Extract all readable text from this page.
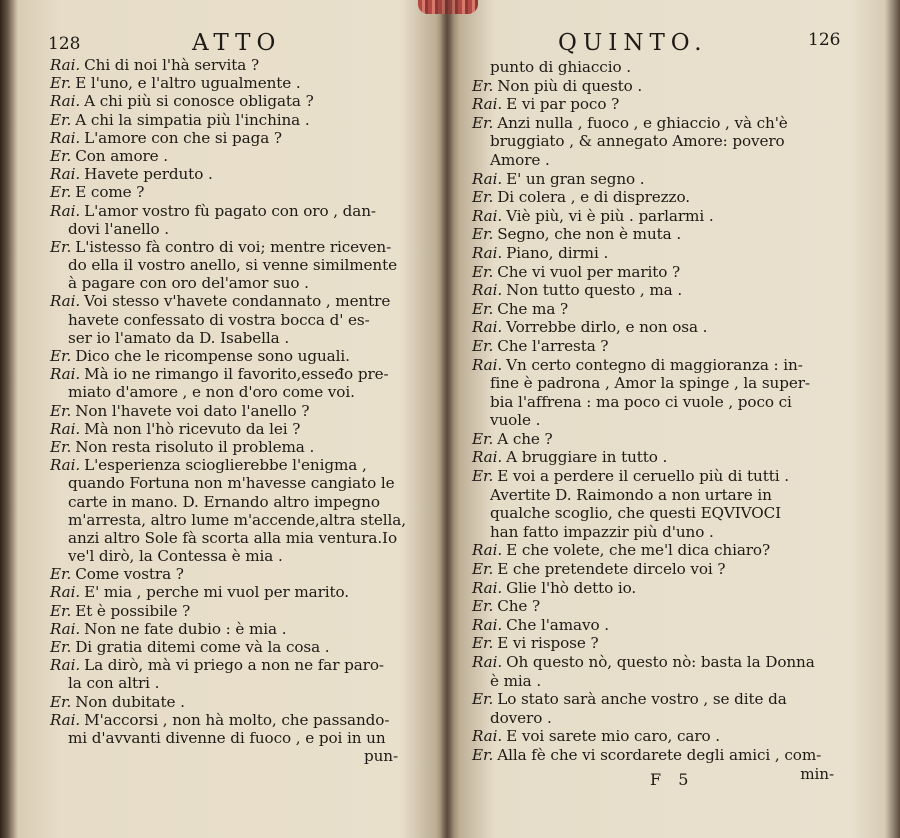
128	ATTO
Rai. Chi di noi l'hà servita ?
Er. E l'uno, e l'altro ugualmente .
Rai. A chi più si conosce obligata ?
Er. A chi la simpatia più l'inchina .
Rai. L'amore con che si paga ?
Er. Con amore .
Rai. Havete perduto .
Er. E come ?
Rai. L'amor vostro fù pagato con oro , dan-
dovi l'anello .
Er. L'istesso fà contro di voi; mentre riceven-
do ella il vostro anello, si venne similmente
à pagare con oro del'amor suo .
Rai. Voi stesso v'havete condannato , mentre
havete confessato di vostra bocca d' es-
ser io l'amato da D. Isabella .
Er. Dico che le ricompense sono uguali.
Rai. Mà io ne rimango il favorito,esseđo pre-
miato d'amore , e non d'oro come voi.
Er. Non l'havete voi dato l'anello ?
Rai. Mà non l'hò ricevuto da lei ?
Er. Non resta risoluto il problema .
Rai. L'esperienza scioglierebbe l'enigma ,
quando Fortuna non m'havesse cangiato le
carte in mano. D. Ernando altro impegno
m'arresta, altro lume m'accende,altra stella,
anzi altro Sole fà scorta alla mia ventura.Io
ve'l dirò, la Contessa è mia .
Er. Come vostra ?
Rai. E' mia , perche mi vuol per marito.
Er. Et è possibile ?
Rai. Non ne fate dubio : è mia .
Er. Di gratia ditemi come và la cosa .
Rai. La dirò, mà vi priego a non ne far paro-
la con altri .
Er. Non dubitate .
Rai. M'accorsi , non hà molto, che passando-
mi d'avvanti divenne di fuoco , e poi in un
pun-
QUINTO.	126
punto di ghiaccio .
Er. Non più di questo .
Rai. E vi par poco ?
Er. Anzi nulla , fuoco , e ghiaccio , và ch'è
bruggiato , & annegato Amore: povero
Amore .
Rai. E' un gran segno .
Er. Di colera , e di disprezzo.
Rai. Viè più, vi è più . parlarmi .
Er. Segno, che non è muta .
Rai. Piano, dirmi .
Er. Che vi vuol per marito ?
Rai. Non tutto questo , ma .
Er. Che ma ?
Rai. Vorrebbe dirlo, e non osa .
Er. Che l'arresta ?
Rai. Vn certo contegno di maggioranza : in-
fine è padrona , Amor la spinge , la super-
bia l'affrena : ma poco ci vuole , poco ci
vuole .
Er. A che ?
Rai. A bruggiare in tutto .
Er. E voi a perdere il ceruello più di tutti .
Avertite D. Raimondo a non urtare in
qualche scoglio, che questi EQVIVOCI
han fatto impazzir più d'uno .
Rai. E che volete, che me'l dica chiaro?
Er. E che pretendete dircelo voi ?
Rai. Glie l'hò detto io.
Er. Che ?
Rai. Che l'amavo .
Er. E vi rispose ?
Rai. Oh questo nò, questo nò: basta la Donna
è mia .
Er. Lo stato sarà anche vostro , se dite da
dovero .
Rai. E voi sarete mio caro, caro .
Er. Alla fè che vi scordarete degli amici , com-
min-
F 5
